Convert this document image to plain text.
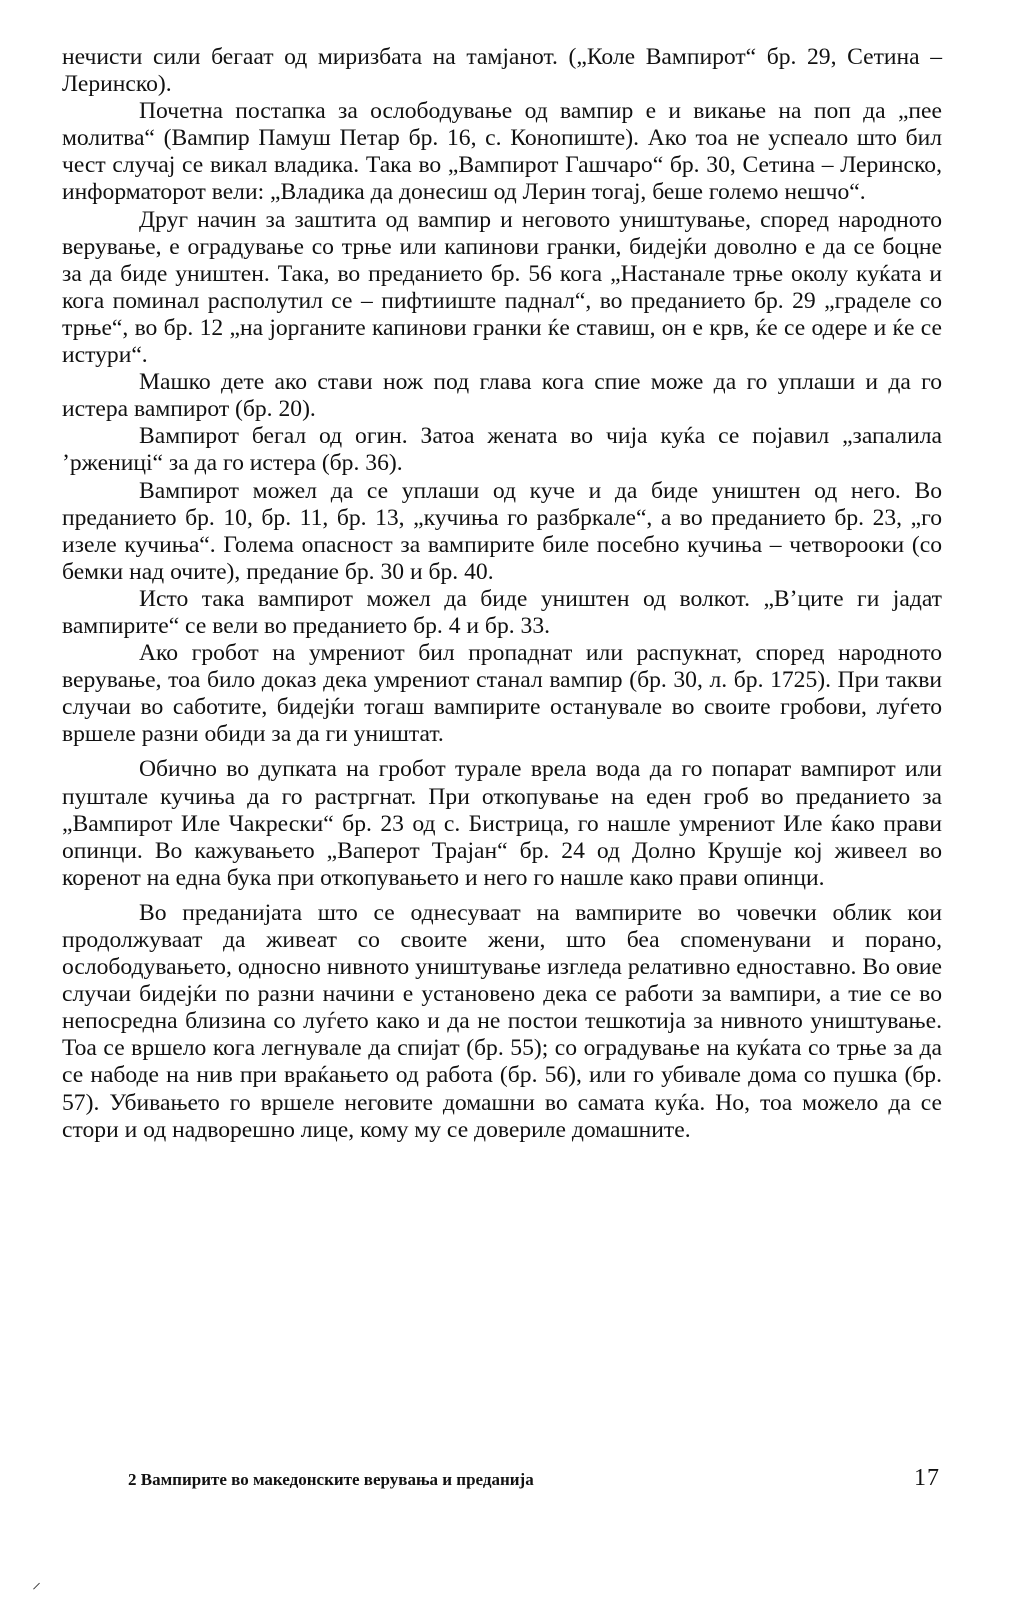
нечисти сили бегаат од миризбата на тамјанот. („Коле Вампирот“ бр. 29, Сетина – Леринско).

Почетна постапка за ослободување од вампир е и викање на поп да „пее молитва“ (Вампир Памуш Петар бр. 16, с. Конопиште). Ако тоа не успеало што бил чест случај се викал владика. Така во „Вампирот Гашчаро“ бр. 30, Сетина – Леринско, информаторот вели: „Владика да донесиш од Лерин тогај, беше големо нешчо“.

Друг начин за заштита од вампир и неговото уништување, според народното верување, е оградување со трње или капинови гранки, бидејќи доволно е да се боцне за да биде уништен. Така, во преданието бр. 56 кога „Настанале трње околу куќата и кога поминал располутил се – пифтииште паднал“, во преданието бр. 29 „граделе со трње“, во бр. 12 „на јорганите капинови гранки ќе ставиш, он е крв, ќе се одере и ќе се истури“.

Машко дете ако стави нож под глава кога спие може да го уплаши и да го истера вампирот (бр. 20).

Вампирот бегал од огин. Затоа жената во чија куќа се појавил „запалила ’ржениці“ за да го истера (бр. 36).

Вампирот можел да се уплаши од куче и да биде уништен од него. Во преданието бр. 10, бр. 11, бр. 13, „кучиња го разбркале“, а во преданието бр. 23, „го изеле кучиња“. Голема опасност за вампирите биле посебно кучиња – четворооки (со бемки над очите), предание бр. 30 и бр. 40.

Исто така вампирот можел да биде уништен од волкот. „В’ците ги јадат вампирите“ се вели во преданието бр. 4 и бр. 33.

Ако гробот на умрениот бил пропаднат или распукнат, според народното верување, тоа било доказ дека умрениот станал вампир (бр. 30, л. бр. 1725). При такви случаи во саботите, бидејќи тогаш вампирите останувале во своите гробови, луѓето вршеле разни обиди за да ги уништат.

Обично во дупката на гробот турале врела вода да го попарат вампирот или пуштале кучиња да го растргнат. При откопување на еден гроб во преданието за „Вампирот Иле Чакрески“ бр. 23 од с. Бистрица, го нашле умрениот Иле ќако прави опинци. Во кажувањето „Ваперот Трајан“ бр. 24 од Долно Крушје кој живеел во коренот на една бука при откопувањето и него го нашле како прави опинци.

Во преданијата што се однесуваат на вампирите во човечки облик кои продолжуваат да живеат со своите жени, што беа споменувани и порано, ослободувањето, односно нивното уништување изгледа релативно едноставно. Во овие случаи бидејќи по разни начини е установено дека се работи за вампири, а тие се во непосредна близина со луѓето како и да не постои тешкотија за нивното уништување. Тоа се вршело кога легнувале да спијат (бр. 55); со оградување на куќата со трње за да се набоде на нив при враќањето од работа (бр. 56), или го убивале дома со пушка (бр. 57). Убивањето го вршеле неговите домашни во самата куќа. Но, тоа можело да се стори и од надворешно лице, кому му се довериле домашните.

2 Вампирите во македонските верувања и преданија	17
⸝
